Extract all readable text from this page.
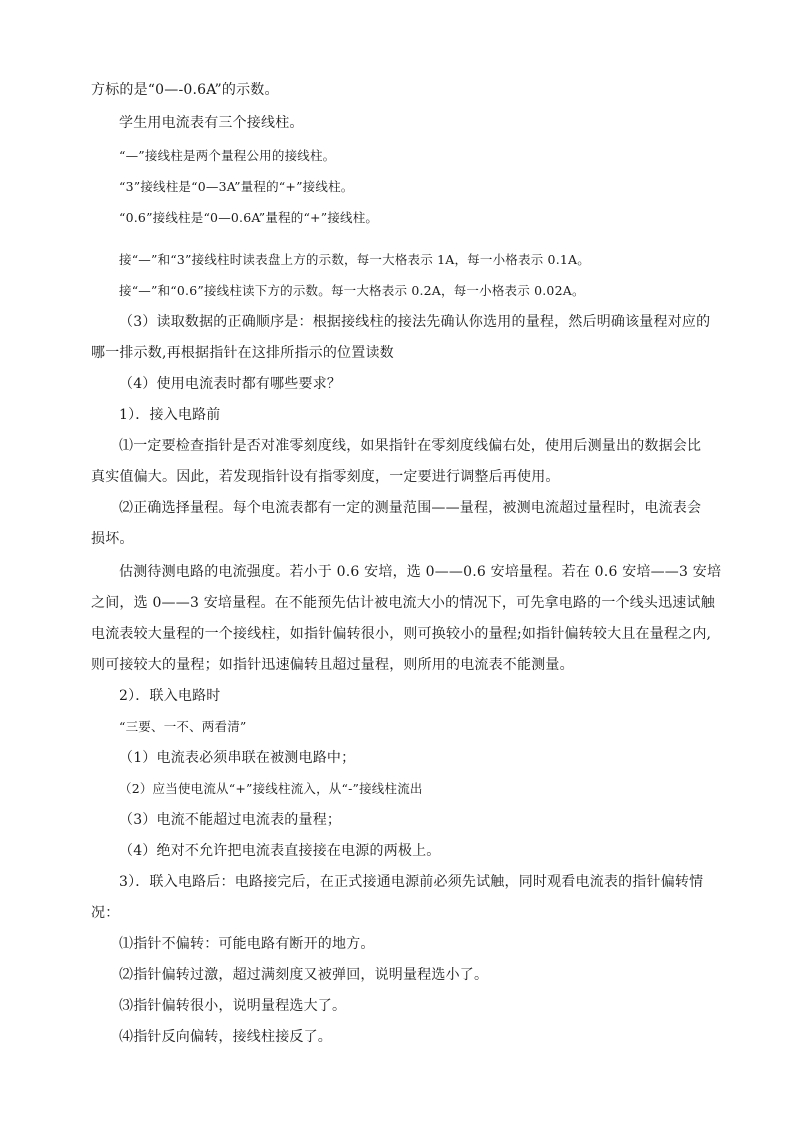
方标的是“0—-0.6A”的示数。
学生用电流表有三个接线柱。
“—”接线柱是两个量程公用的接线柱。
“3”接线柱是“0—3A”量程的“+”接线柱。
“0.6”接线柱是“0—0.6A”量程的“+”接线柱。
接“—”和“3”接线柱时读表盘上方的示数，每一大格表示 1A，每一小格表示 0.1A。
接“—”和“0.6”接线柱读下方的示数。每一大格表示 0.2A，每一小格表示 0.02A。
（3）读取数据的正确顺序是：根据接线柱的接法先确认你选用的量程，然后明确该量程对应的
哪一排示数,再根据指针在这排所指示的位置读数
（4）使用电流表时都有哪些要求？
1）．接入电路前
⑴一定要检查指针是否对准零刻度线，如果指针在零刻度线偏右处，使用后测量出的数据会比
真实值偏大。因此，若发现指针设有指零刻度，一定要进行调整后再使用。
⑵正确选择量程。每个电流表都有一定的测量范围——量程，被测电流超过量程时，电流表会
损坏。
估测待测电路的电流强度。若小于 0.6 安培，选 0——0.6 安培量程。若在 0.6 安培——3 安培
之间，选 0——3 安培量程。在不能预先估计被电流大小的情况下，可先拿电路的一个线头迅速试触
电流表较大量程的一个接线柱，如指针偏转很小，则可换较小的量程;如指针偏转较大且在量程之内,
则可接较大的量程；如指针迅速偏转且超过量程，则所用的电流表不能测量。
2）．联入电路时
“三要、一不、两看清”
（1）电流表必须串联在被测电路中；
（2）应当使电流从“+”接线柱流入，从“-”接线柱流出
（3）电流不能超过电流表的量程；
（4）绝对不允许把电流表直接接在电源的两极上。
3）．联入电路后：电路接完后，在正式接通电源前必须先试触，同时观看电流表的指针偏转情
况：
⑴指针不偏转：可能电路有断开的地方。
⑵指针偏转过激，超过满刻度又被弹回，说明量程选小了。
⑶指针偏转很小，说明量程选大了。
⑷指针反向偏转，接线柱接反了。
